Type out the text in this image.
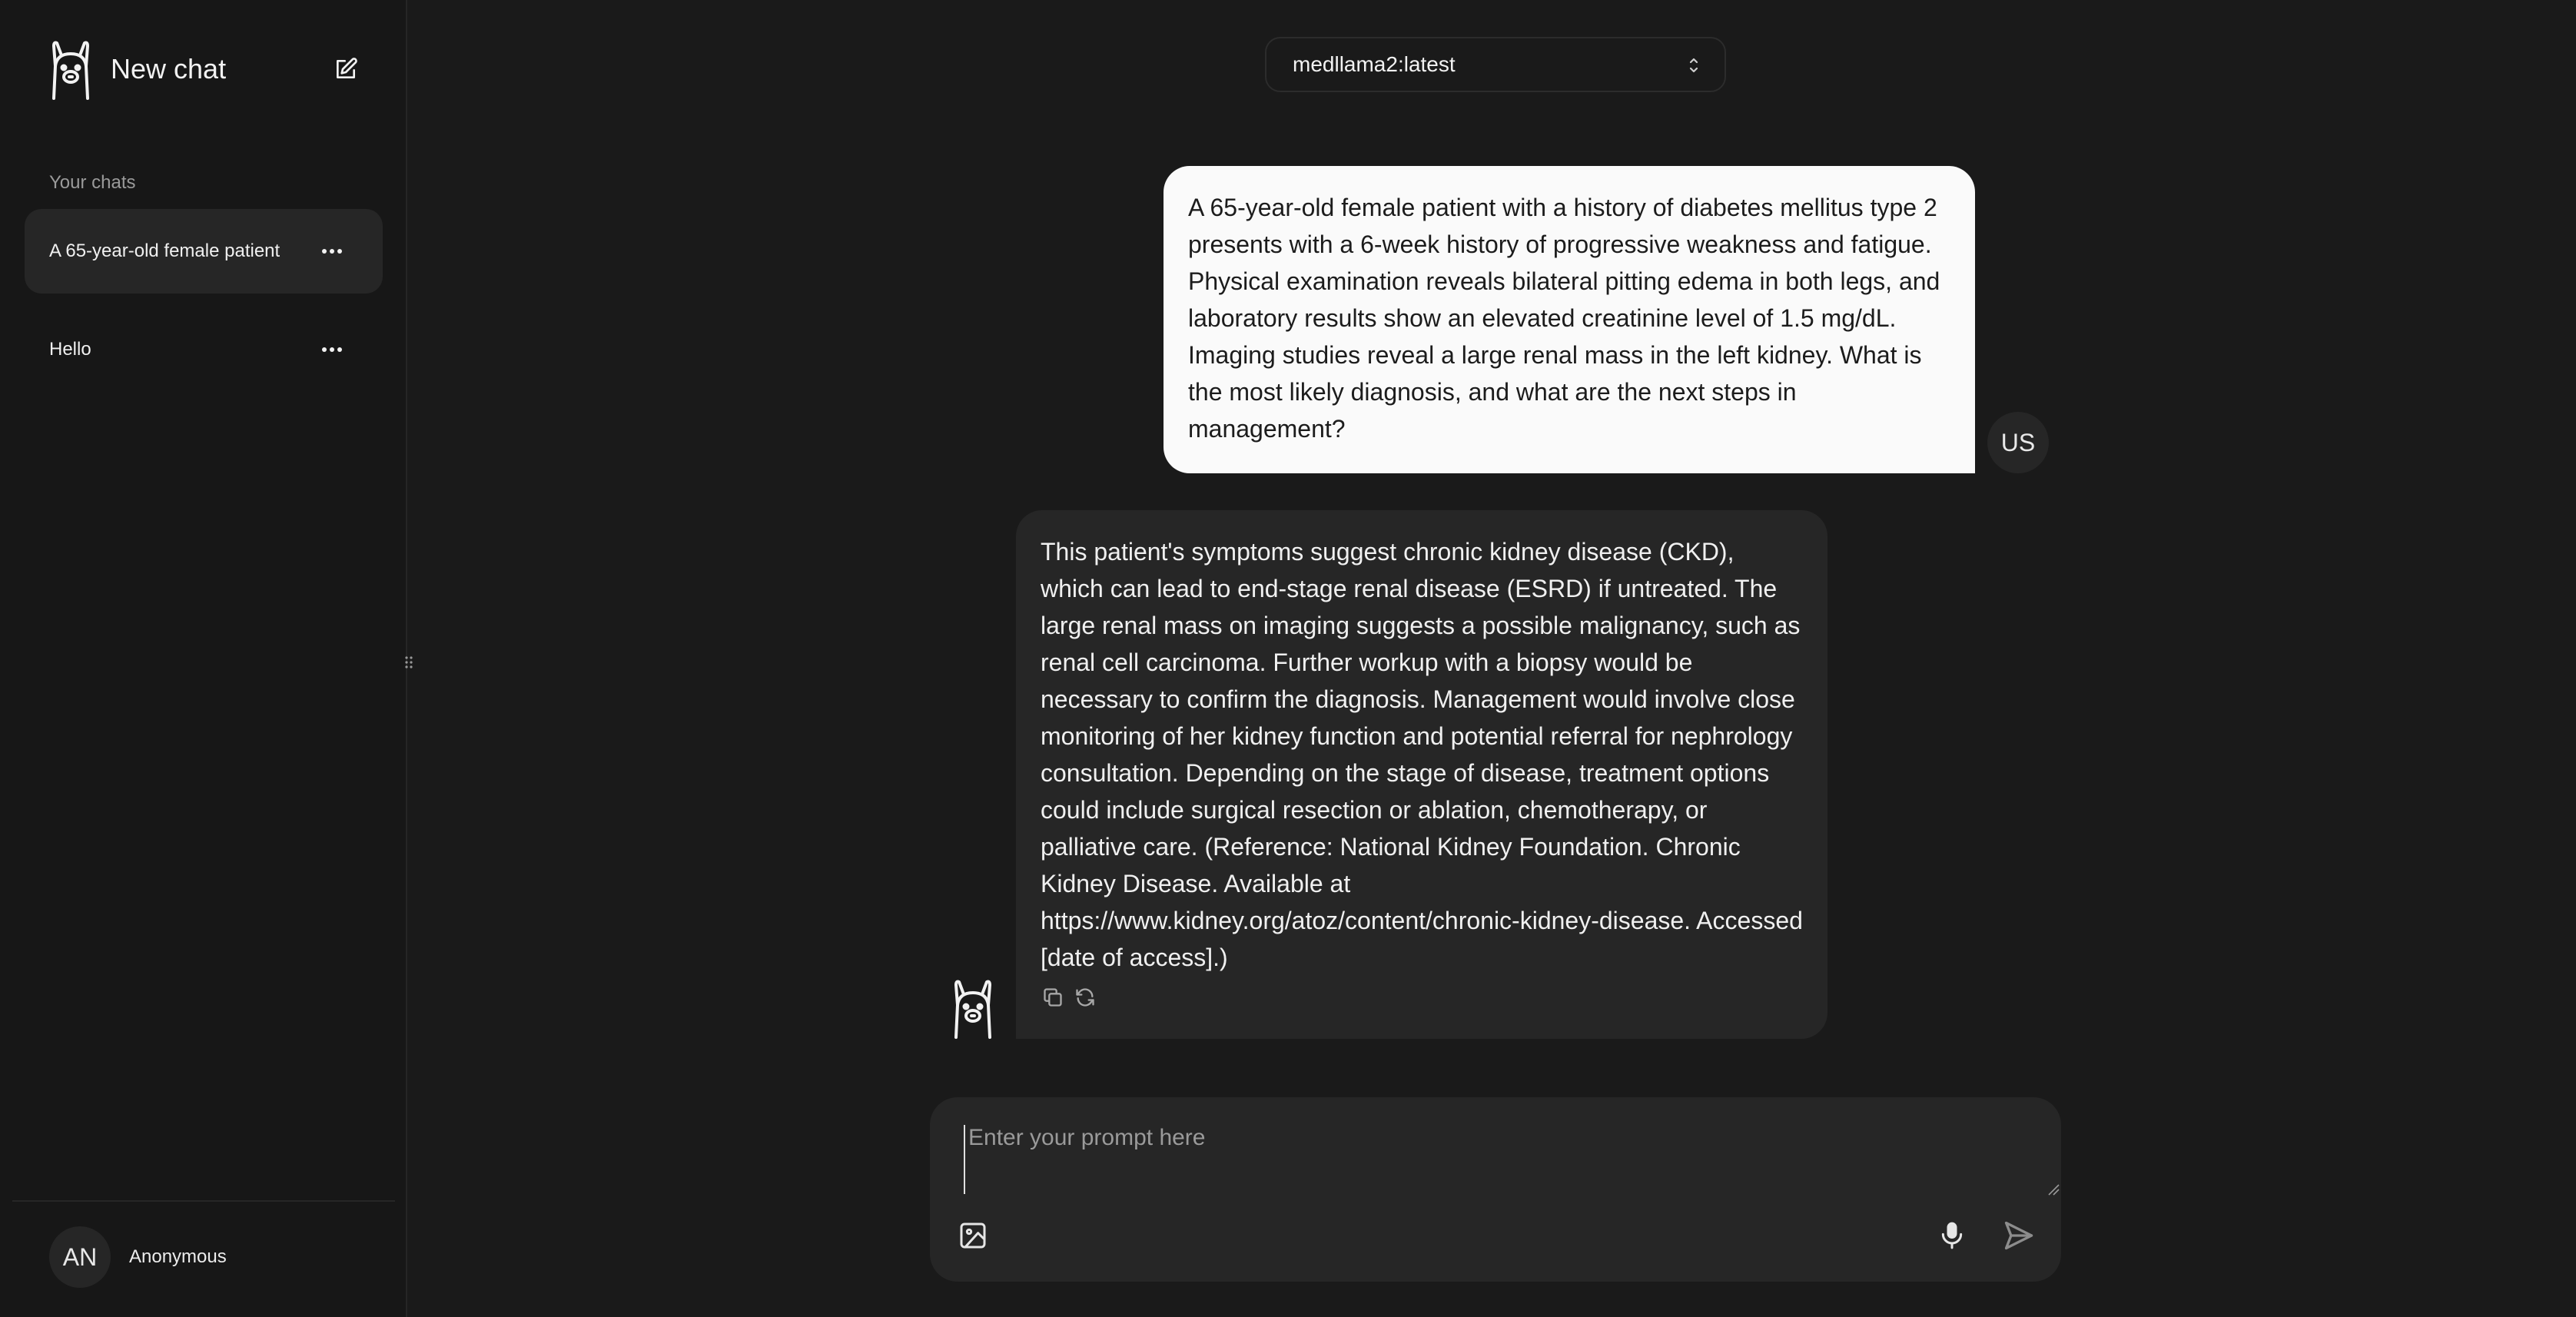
New chat
Your chats
A 65-year-old female patient
Hello
AN	Anonymous
medllama2:latest
A 65-year-old female patient with a history of diabetes mellitus type 2 presents with a 6-week history of progressive weakness and fatigue. Physical examination reveals bilateral pitting edema in both legs, and laboratory results show an elevated creatinine level of 1.5 mg/dL. Imaging studies reveal a large renal mass in the left kidney. What is the most likely diagnosis, and what are the next steps in management?	US
This patient's symptoms suggest chronic kidney disease (CKD), which can lead to end-stage renal disease (ESRD) if untreated. The large renal mass on imaging suggests a possible malignancy, such as renal cell carcinoma. Further workup with a biopsy would be necessary to confirm the diagnosis. Management would involve close monitoring of her kidney function and potential referral for nephrology consultation. Depending on the stage of disease, treatment options could include surgical resection or ablation, chemotherapy, or palliative care. (Reference: National Kidney Foundation. Chronic Kidney Disease. Available at https://www.kidney.org/atoz/content/chronic-kidney-disease. Accessed [date of access].)
Enter your prompt here
